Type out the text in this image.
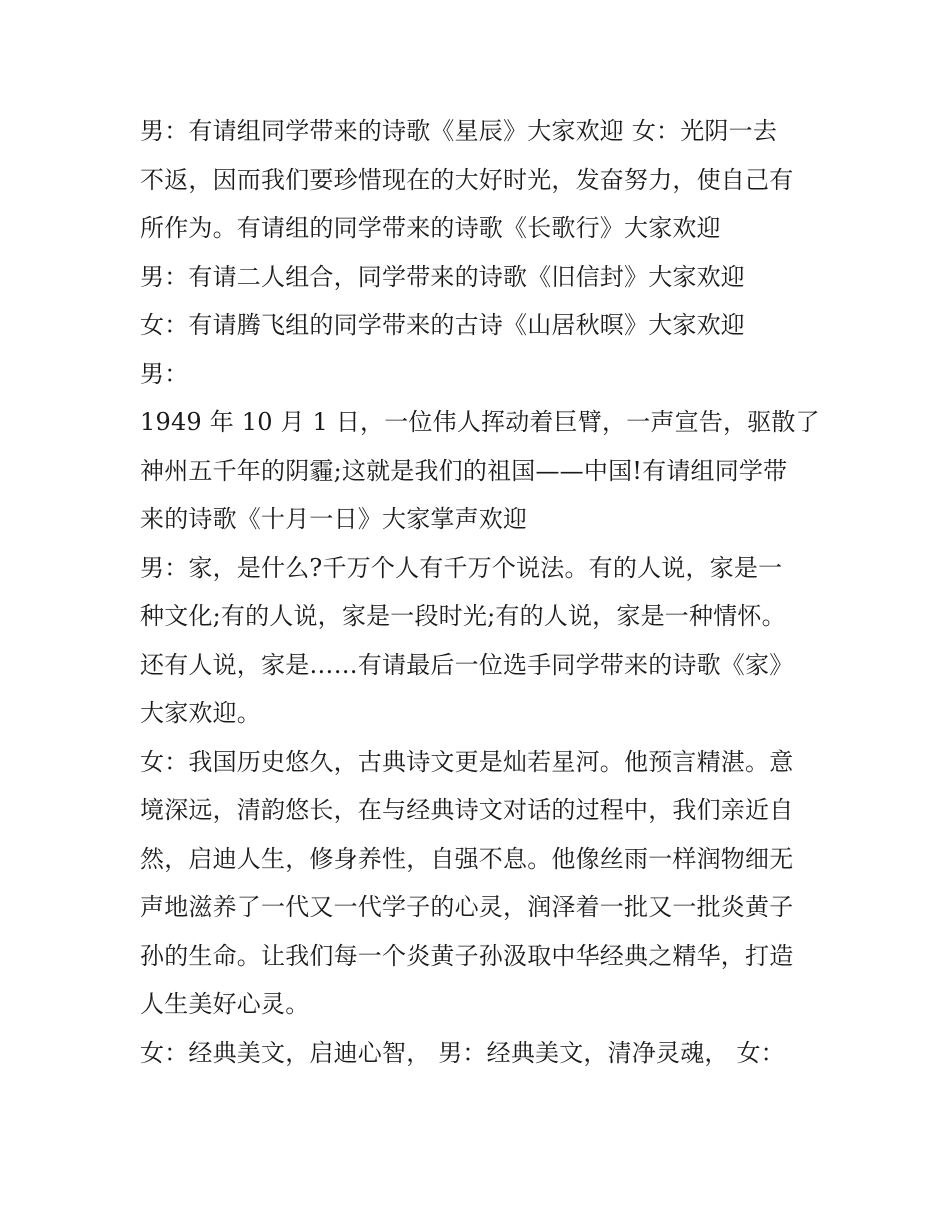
男：有请组同学带来的诗歌《星辰》大家欢迎 女：光阴一去
不返，因而我们要珍惜现在的大好时光，发奋努力，使自己有
所作为。有请组的同学带来的诗歌《长歌行》大家欢迎
男：有请二人组合，同学带来的诗歌《旧信封》大家欢迎
女：有请腾飞组的同学带来的古诗《山居秋暝》大家欢迎
男：
1949 年 10 月 1 日，一位伟人挥动着巨臂，一声宣告，驱散了
神州五千年的阴霾;这就是我们的祖国——中国!有请组同学带
来的诗歌《十月一日》大家掌声欢迎
男：家，是什么?千万个人有千万个说法。有的人说，家是一
种文化;有的人说，家是一段时光;有的人说，家是一种情怀。
还有人说，家是……有请最后一位选手同学带来的诗歌《家》
大家欢迎。
女：我国历史悠久，古典诗文更是灿若星河。他预言精湛。意
境深远，清韵悠长，在与经典诗文对话的过程中，我们亲近自
然，启迪人生，修身养性，自强不息。他像丝雨一样润物细无
声地滋养了一代又一代学子的心灵，润泽着一批又一批炎黄子
孙的生命。让我们每一个炎黄子孙汲取中华经典之精华，打造
人生美好心灵。
女：经典美文，启迪心智， 男：经典美文，清净灵魂， 女：
